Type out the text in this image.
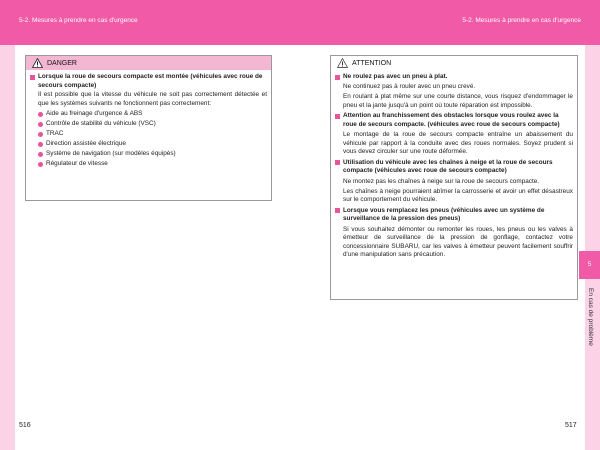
5-2. Mesures à prendre en cas d'urgence	5-2. Mesures à prendre en cas d'urgence
5
En cas de problème
516	517
DANGER
Lorsque la roue de secours compacte est montée (véhicules avec roue de secours compacte)
Il est possible que la vitesse du véhicule ne soit pas correctement détectée et que les systèmes suivants ne fonctionnent pas correctement:
Aide au freinage d'urgence & ABS
Contrôle de stabilité du véhicule (VSC)
TRAC
Direction assistée électrique
Système de navigation (sur modèles équipés)
Régulateur de vitesse
ATTENTION
Ne roulez pas avec un pneu à plat.
Ne continuez pas à rouler avec un pneu crevé.
En roulant à plat même sur une courte distance, vous risquez d'endommager le pneu et la jante jusqu'à un point où toute réparation est impossible.
Attention au franchissement des obstacles lorsque vous roulez avec la roue de secours compacte. (véhicules avec roue de secours compacte)
Le montage de la roue de secours compacte entraîne un abaissement du véhicule par rapport à la conduite avec des roues normales. Soyez prudent si vous devez circuler sur une route déformée.
Utilisation du véhicule avec les chaînes à neige et la roue de secours compacte (véhicules avec roue de secours compacte)
Ne montez pas les chaînes à neige sur la roue de secours compacte.
Les chaînes à neige pourraient abîmer la carrosserie et avoir un effet désastreux sur le comportement du véhicule.
Lorsque vous remplacez les pneus (véhicules avec un système de surveillance de la pression des pneus)
Si vous souhaitez démonter ou remonter les roues, les pneus ou les valves à émetteur de surveillance de la pression de gonflage, contactez votre concessionnaire SUBARU, car les valves à émetteur peuvent facilement souffrir d'une manipulation sans précaution.
